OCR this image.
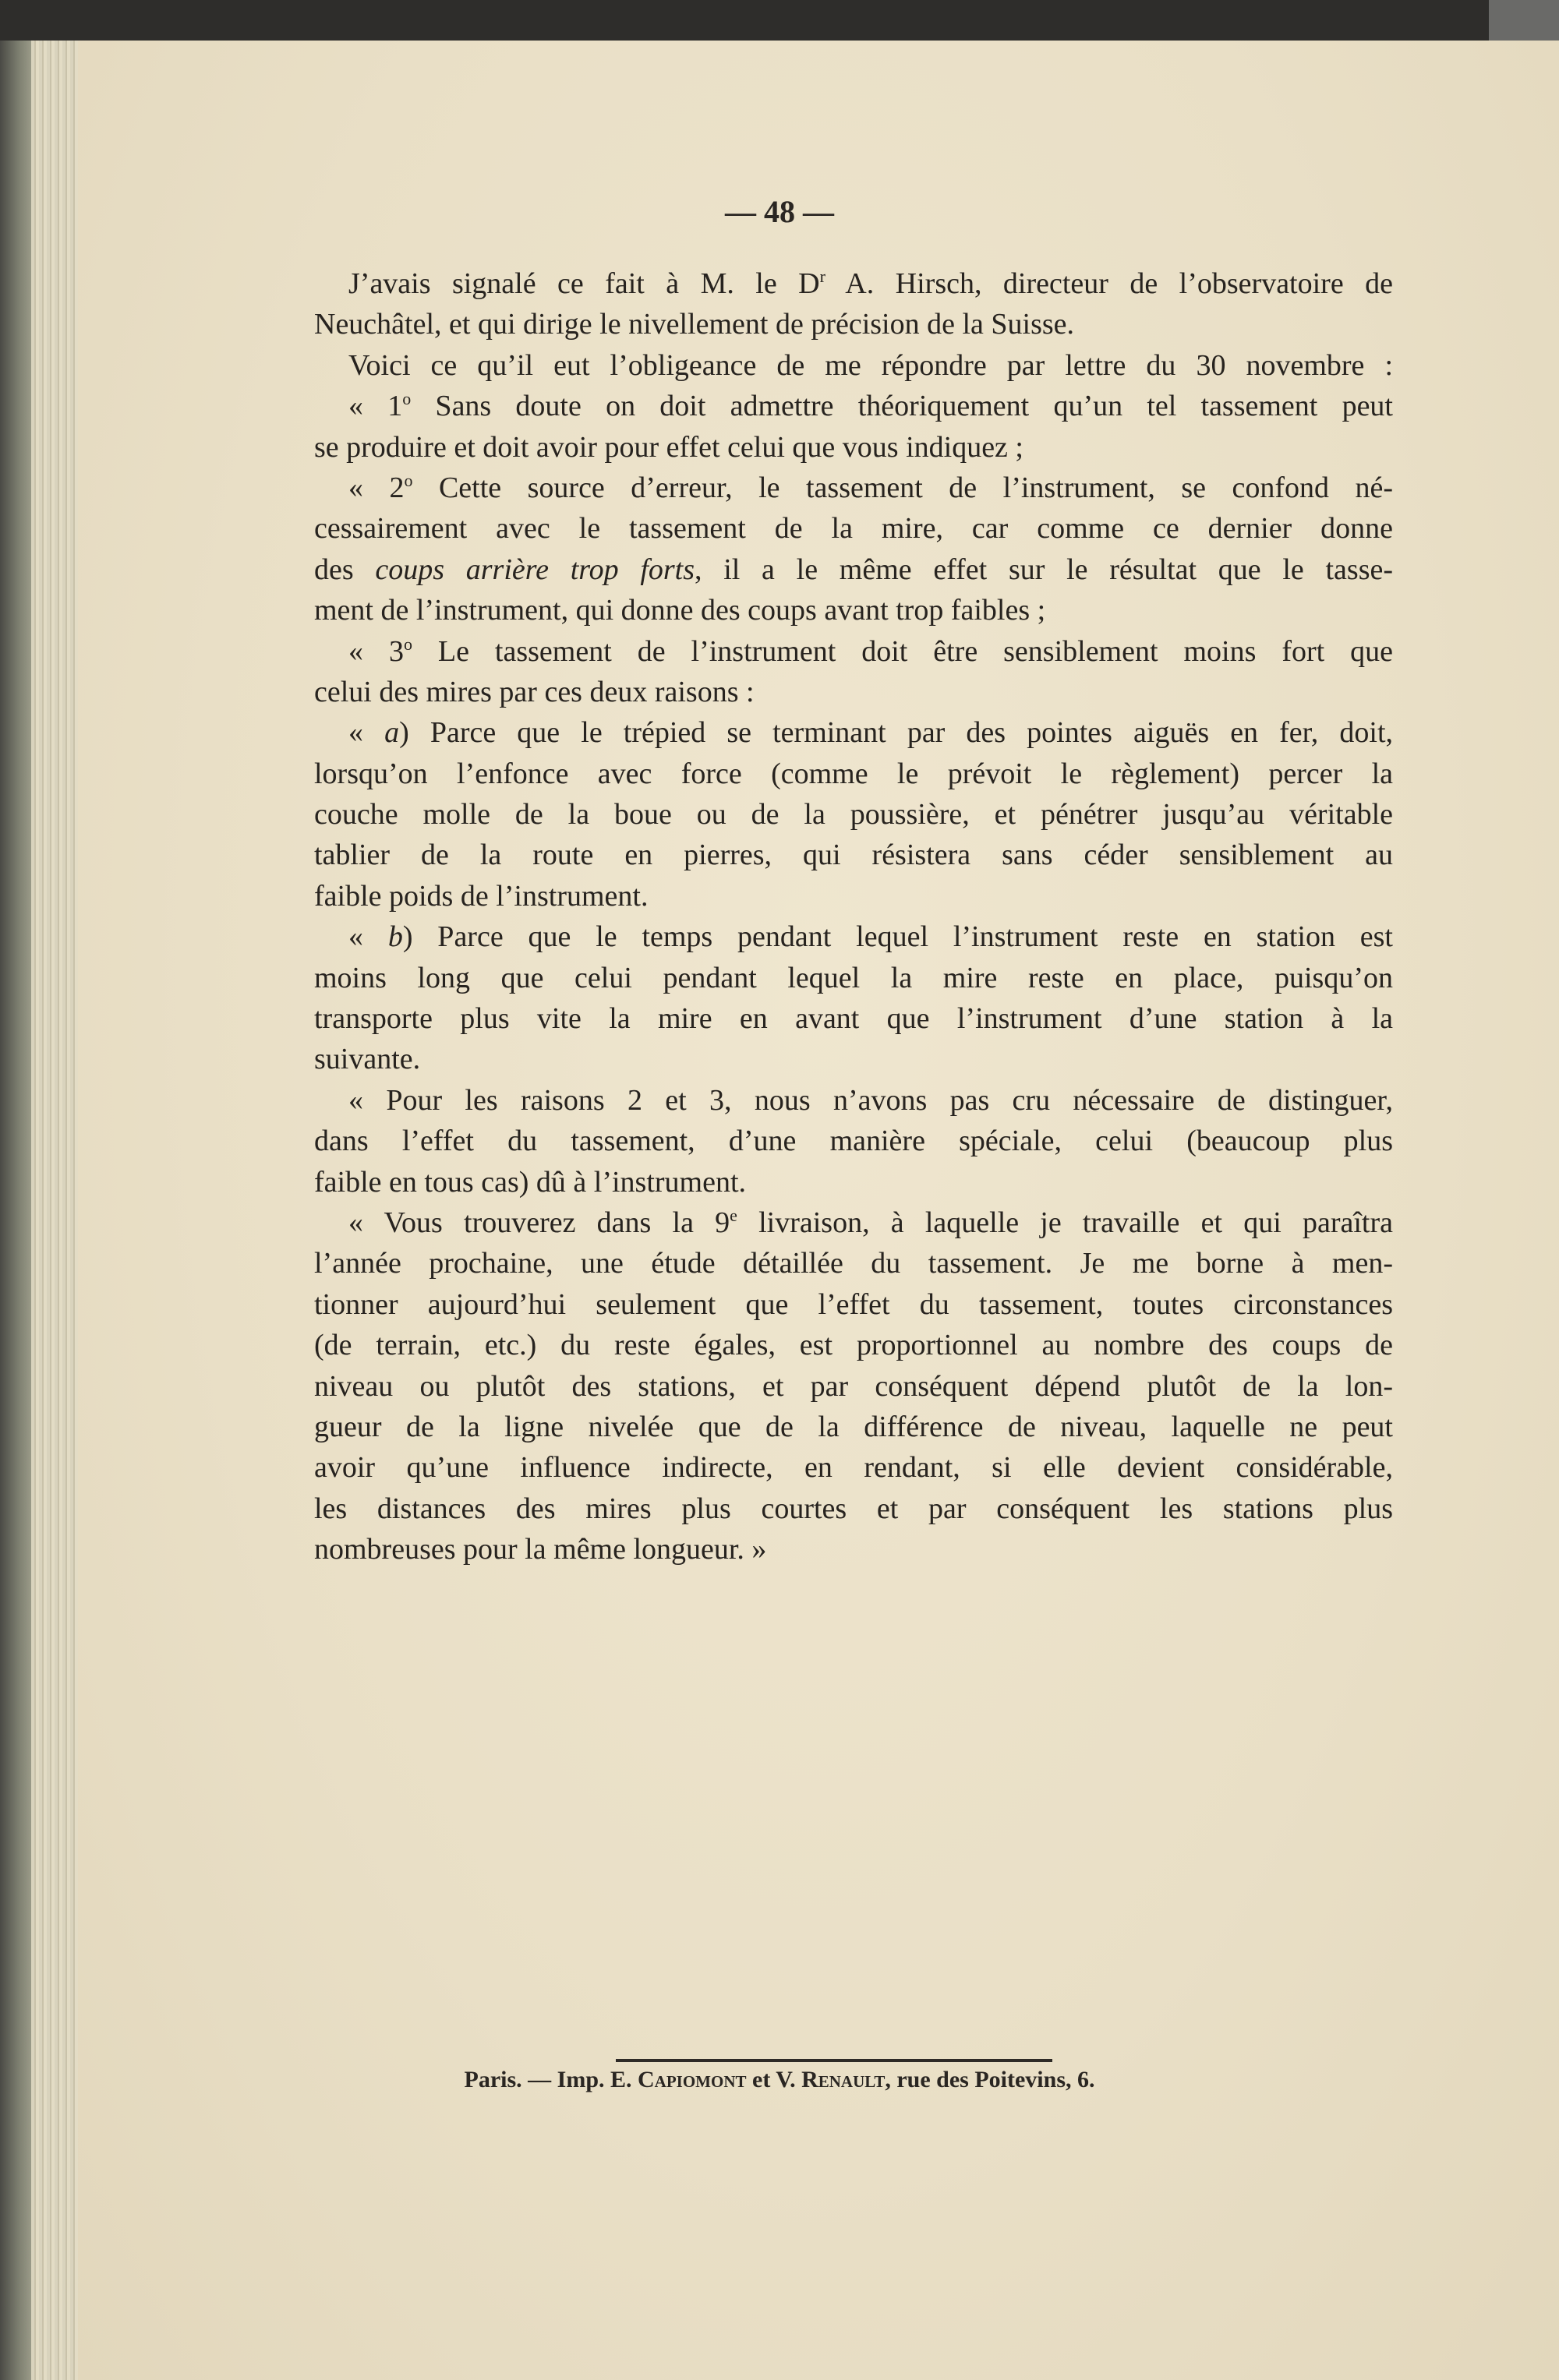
— 48 —
J’avais signalé ce fait à M. le $D^r$ A. Hirsch, directeur de l’observatoire de
Neuchâtel, et qui dirige le nivellement de précision de la Suisse.
Voici ce qu’il eut l’obligeance de me répondre par lettre du 30 novembre :
« 1$^o$ Sans doute on doit admettre théoriquement qu’un tel tassement peut
se produire et doit avoir pour effet celui que vous indiquez ;
« 2$^o$ Cette source d’erreur, le tassement de l’instrument, se confond né-
cessairement avec le tassement de la mire, car comme ce dernier donne
des coups arrière trop forts, il a le même effet sur le résultat que le tasse-
ment de l’instrument, qui donne des coups avant trop faibles ;
« 3$^o$ Le tassement de l’instrument doit être sensiblement moins fort que
celui des mires par ces deux raisons :
« a) Parce que le trépied se terminant par des pointes aiguës en fer, doit,
lorsqu’on l’enfonce avec force (comme le prévoit le règlement) percer la
couche molle de la boue ou de la poussière, et pénétrer jusqu’au véritable
tablier de la route en pierres, qui résistera sans céder sensiblement au
faible poids de l’instrument.
« b) Parce que le temps pendant lequel l’instrument reste en station est
moins long que celui pendant lequel la mire reste en place, puisqu’on
transporte plus vite la mire en avant que l’instrument d’une station à la
suivante.
« Pour les raisons 2 et 3, nous n’avons pas cru nécessaire de distinguer,
dans l’effet du tassement, d’une manière spéciale, celui (beaucoup plus
faible en tous cas) dû à l’instrument.
« Vous trouverez dans la 9e livraison, à laquelle je travaille et qui paraîtra
l’année prochaine, une étude détaillée du tassement. Je me borne à men-
tionner aujourd’hui seulement que l’effet du tassement, toutes circonstances
(de terrain, etc.) du reste égales, est proportionnel au nombre des coups de
niveau ou plutôt des stations, et par conséquent dépend plutôt de la lon-
gueur de la ligne nivelée que de la différence de niveau, laquelle ne peut
avoir qu’une influence indirecte, en rendant, si elle devient considérable,
les distances des mires plus courtes et par conséquent les stations plus
nombreuses pour la même longueur. »
Paris. — Imp. E. Capiomont et V. Renault, rue des Poitevins, 6.
